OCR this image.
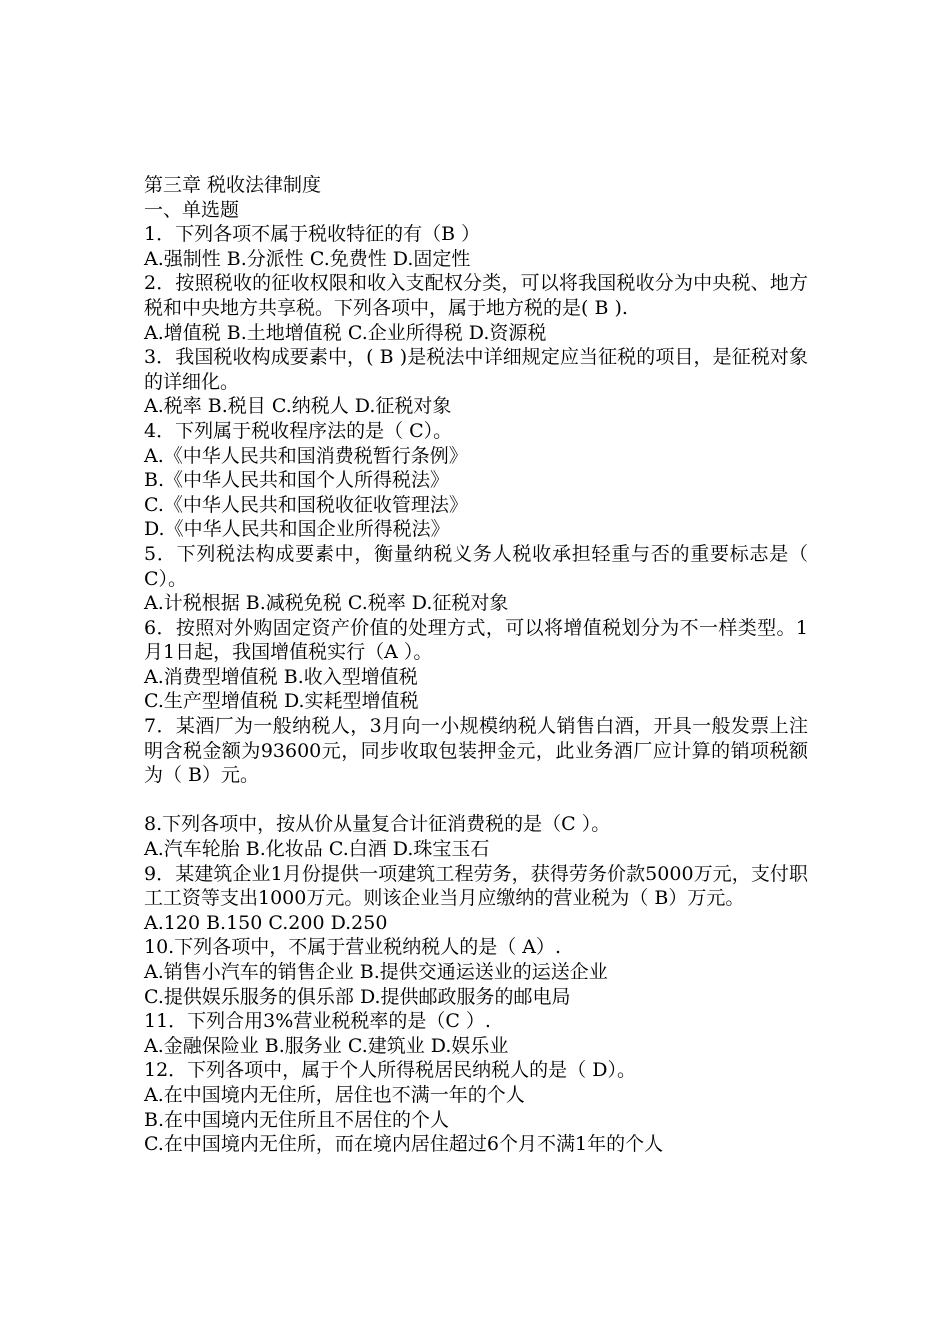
第三章 税收法律制度
一、单选题
1．下列各项不属于税收特征的有（B ）
A.强制性 B.分派性 C.免费性 D.固定性
2．按照税收的征收权限和收入支配权分类，可以将我国税收分为中央税、地方税和中央地方共享税。下列各项中，属于地方税的是( B ).
A.增值税 B.土地增值税 C.企业所得税 D.资源税
3．我国税收构成要素中，( B )是税法中详细规定应当征税的项目，是征税对象的详细化。
A.税率 B.税目 C.纳税人 D.征税对象
4．下列属于税收程序法的是（ C）。
A.《中华人民共和国消费税暂行条例》
B.《中华人民共和国个人所得税法》
C.《中华人民共和国税收征收管理法》
D.《中华人民共和国企业所得税法》
5．下列税法构成要素中，衡量纳税义务人税收承担轻重与否的重要标志是（ C）。
A.计税根据 B.减税免税 C.税率 D.征税对象
6．按照对外购固定资产价值的处理方式，可以将增值税划分为不一样类型。1月1日起，我国增值税实行（A ）。
A.消费型增值税 B.收入型增值税
C.生产型增值税 D.实耗型增值税
7．某酒厂为一般纳税人，3月向一小规模纳税人销售白酒，开具一般发票上注明含税金额为93600元，同步收取包装押金元，此业务酒厂应计算的销项税额为（ B）元。
8.下列各项中，按从价从量复合计征消费税的是（C ）。
A.汽车轮胎 B.化妆品 C.白酒 D.珠宝玉石
9．某建筑企业1月份提供一项建筑工程劳务，获得劳务价款5000万元，支付职工工资等支出1000万元。则该企业当月应缴纳的营业税为（ B）万元。
A.120 B.150 C.200 D.250
10.下列各项中，不属于营业税纳税人的是（ A）.
A.销售小汽车的销售企业 B.提供交通运送业的运送企业
C.提供娱乐服务的俱乐部 D.提供邮政服务的邮电局
11．下列合用3%营业税税率的是（C ）.
A.金融保险业 B.服务业 C.建筑业 D.娱乐业
12．下列各项中，属于个人所得税居民纳税人的是（ D）。
A.在中国境内无住所，居住也不满一年的个人
B.在中国境内无住所且不居住的个人
C.在中国境内无住所，而在境内居住超过6个月不满1年的个人
